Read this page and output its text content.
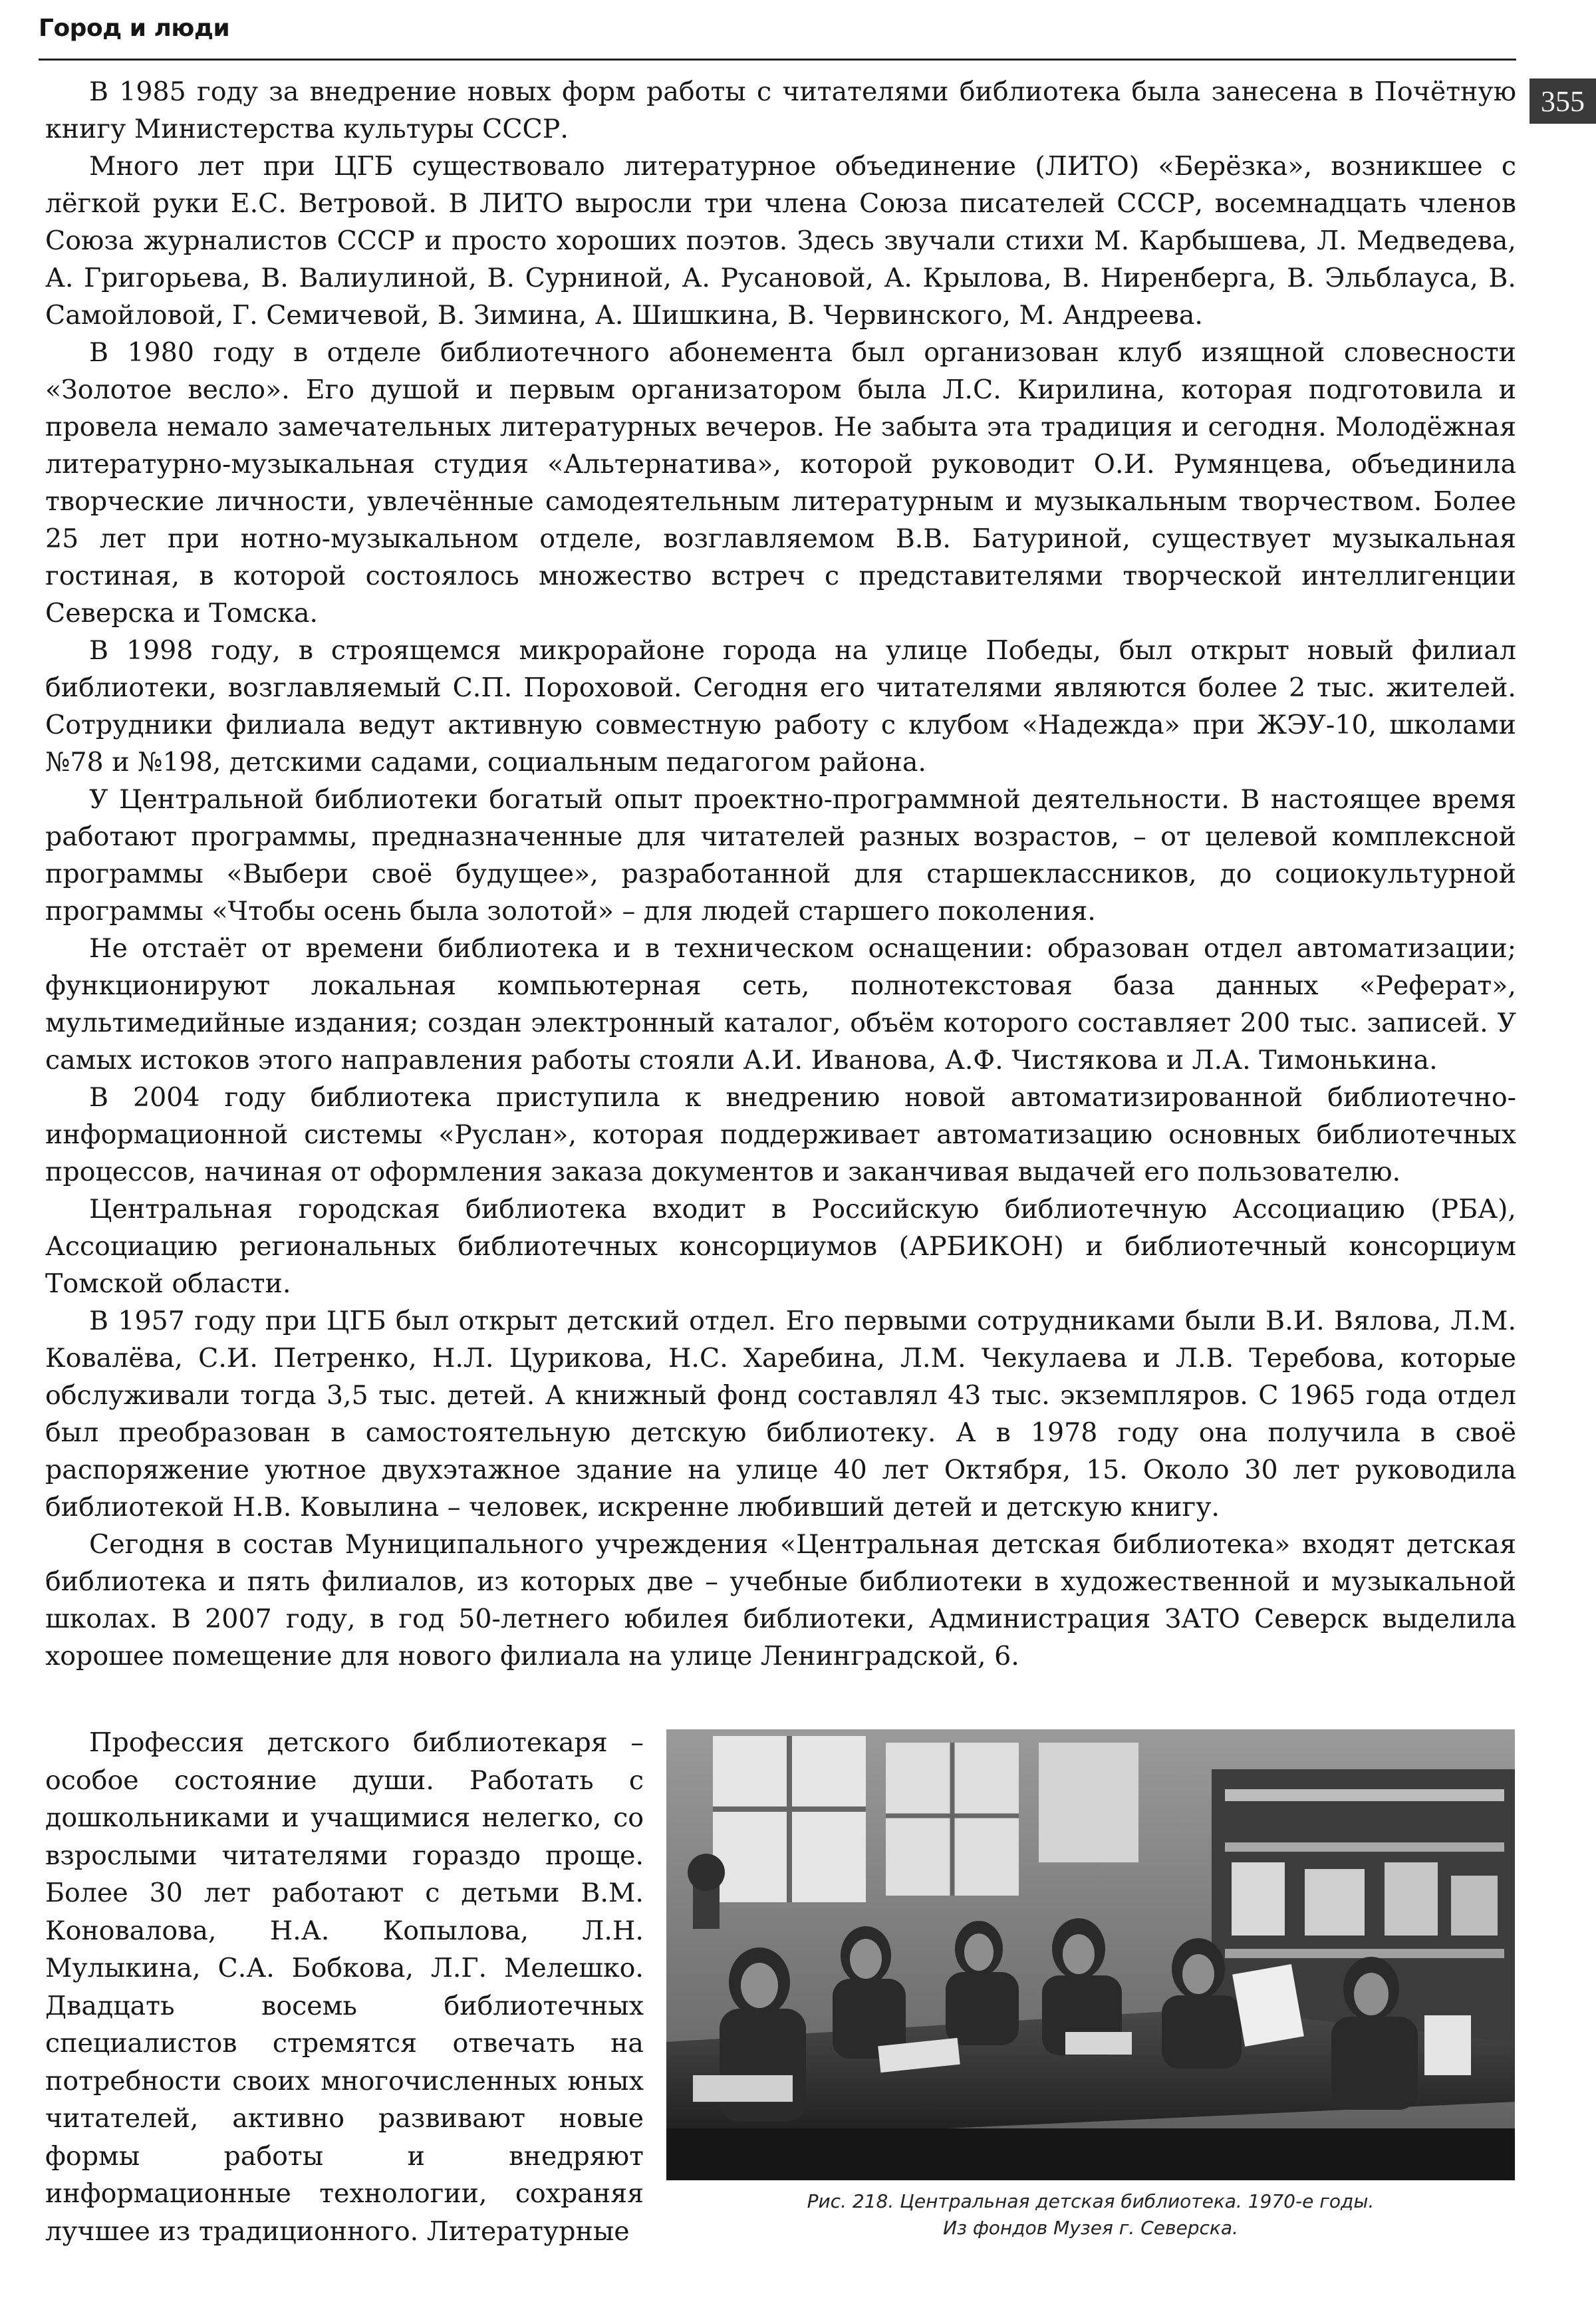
Город и люди
355

В 1985 году за внедрение новых форм работы с читателями библиотека была занесена в Почётную книгу Министерства культуры СССР.

Много лет при ЦГБ существовало литературное объединение (ЛИТО) «Берёзка», возникшее с лёгкой руки Е.С. Ветровой. В ЛИТО выросли три члена Союза писателей СССР, восемнадцать членов Союза журналистов СССР и просто хороших поэтов. Здесь звучали стихи М. Карбышева, Л. Медведева, А. Григорьева, В. Валиулиной, В. Сурниной, А. Русановой, А. Крылова, В. Ниренберга, В. Эльблауса, В. Самойловой, Г. Семичевой, В. Зимина, А. Шишкина, В. Червинского, М. Андреева.

В 1980 году в отделе библиотечного абонемента был организован клуб изящной словесности «Золотое весло». Его душой и первым организатором была Л.С. Кирилина, которая подготовила и провела немало замечательных литературных вечеров. Не забыта эта традиция и сегодня. Молодёжная литературно-музыкальная студия «Альтернатива», которой руководит О.И. Румянцева, объединила творческие личности, увлечённые самодеятельным литературным и музыкальным творчеством. Более 25 лет при нотно-музыкальном отделе, возглавляемом В.В. Батуриной, существует музыкальная гостиная, в которой состоялось множество встреч с представителями творческой интеллигенции Северска и Томска.

В 1998 году, в строящемся микрорайоне города на улице Победы, был открыт новый филиал библиотеки, возглавляемый С.П. Пороховой. Сегодня его читателями являются более 2 тыс. жителей. Сотрудники филиала ведут активную совместную работу с клубом «Надежда» при ЖЭУ-10, школами №78 и №198, детскими садами, социальным педагогом района.

У Центральной библиотеки богатый опыт проектно-программной деятельности. В настоящее время работают программы, предназначенные для читателей разных возрастов, – от целевой комплексной программы «Выбери своё будущее», разработанной для старшеклассников, до социокультурной программы «Чтобы осень была золотой» – для людей старшего поколения.

Не отстаёт от времени библиотека и в техническом оснащении: образован отдел автоматизации; функционируют локальная компьютерная сеть, полнотекстовая база данных «Реферат», мультимедийные издания; создан электронный каталог, объём которого составляет 200 тыс. записей. У самых истоков этого направления работы стояли А.И. Иванова, А.Ф. Чистякова и Л.А. Тимонькина.

В 2004 году библиотека приступила к внедрению новой автоматизированной библиотечно-информационной системы «Руслан», которая поддерживает автоматизацию основных библиотечных процессов, начиная от оформления заказа документов и заканчивая выдачей его пользователю.

Центральная городская библиотека входит в Российскую библиотечную Ассоциацию (РБА), Ассоциацию региональных библиотечных консорциумов (АРБИКОН) и библиотечный консорциум Томской области.

В 1957 году при ЦГБ был открыт детский отдел. Его первыми сотрудниками были В.И. Вялова, Л.М. Ковалёва, С.И. Петренко, Н.Л. Цурикова, Н.С. Харебина, Л.М. Чекулаева и Л.В. Теребова, которые обслуживали тогда 3,5 тыс. детей. А книжный фонд составлял 43 тыс. экземпляров. С 1965 года отдел был преобразован в самостоятельную детскую библиотеку. А в 1978 году она получила в своё распоряжение уютное двухэтажное здание на улице 40 лет Октября, 15. Около 30 лет руководила библиотекой Н.В. Ковылина – человек, искренне любивший детей и детскую книгу.

Сегодня в состав Муниципального учреждения «Центральная детская библиотека» входят детская библиотека и пять филиалов, из которых две – учебные библиотеки в художественной и музыкальной школах. В 2007 году, в год 50-летнего юбилея библиотеки, Администрация ЗАТО Северск выделила хорошее помещение для нового филиала на улице Ленинградской, 6.

Профессия детского библиотекаря – особое состояние души. Работать с дошкольниками и учащимися нелегко, со взрослыми читателями гораздо проще. Более 30 лет работают с детьми В.М. Коновалова, Н.А. Копылова, Л.Н. Мулыкина, С.А. Бобкова, Л.Г. Мелешко. Двадцать восемь библиотечных специалистов стремятся отвечать на потребности своих многочисленных юных читателей, активно развивают новые формы работы и внедряют информационные технологии, сохраняя лучшее из традиционного. Литературные

Рис. 218. Центральная детская библиотека. 1970-е годы.
Из фондов Музея г. Северска.
